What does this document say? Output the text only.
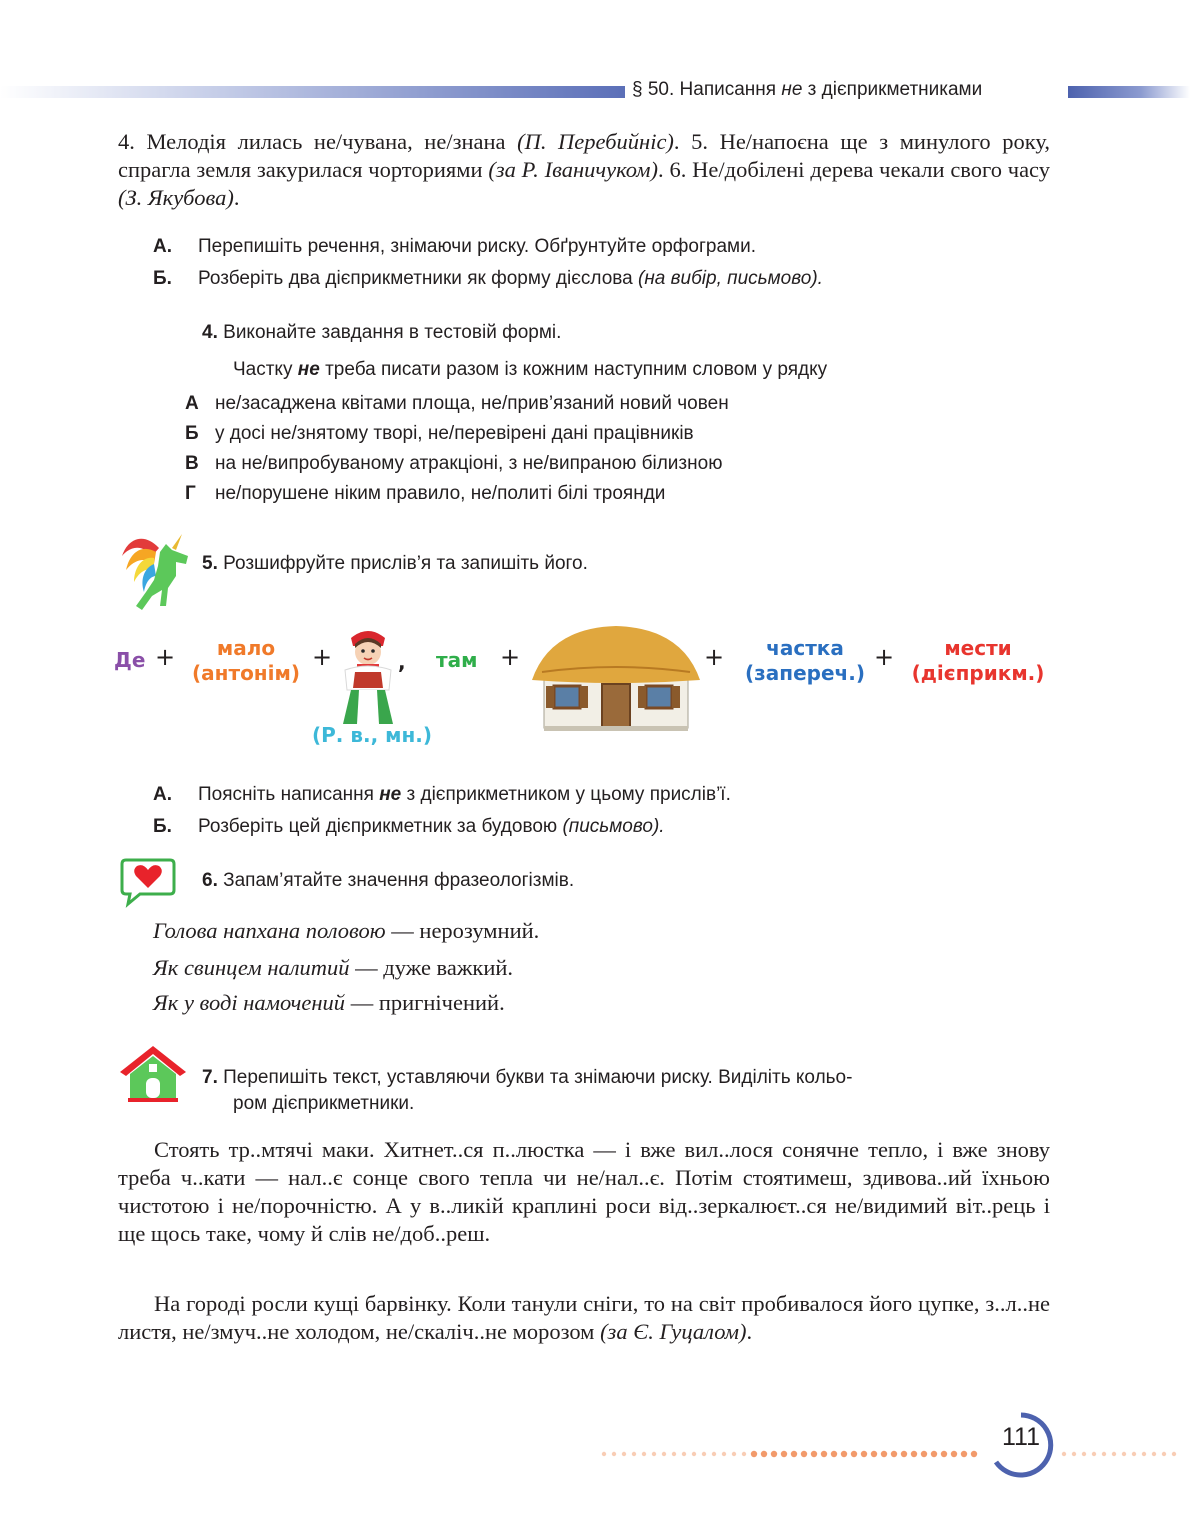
§ 50. Написання не з дієприкметниками
4. Мелодія лилась не/чувана, не/знана (П. Перебийніс). 5. Не/напоєна ще з минулого року, спрагла земля закурилася чорториями (за Р. Іваничуком). 6. Не/добілені дерева чекали свого часу (З. Якубова).
А. Перепишіть речення, знімаючи риску. Обґрунтуйте орфограми.
Б. Розберіть два дієприкметники як форму дієслова (на вибір, письмово).
4. Виконайте завдання в тестовій формі.
Частку не треба писати разом із кожним наступним словом у рядку
А не/засаджена квітами площа, не/прив’язаний новий човен
Б у досі не/знятому творі, не/перевірені дані працівників
В на не/випробуваному атракціоні, з не/випраною білизною
Г не/порушене ніким правило, не/политі білі троянди
5. Розшифруйте прислів’я та запишіть його.
Де +	мало
(антонім)
+
(Р. в., мн.)
, там +	+	частка
(запереч.)
+	мести
(дієприкм.)
А. Поясніть написання не з дієприкметником у цьому прислів’ї.
Б. Розберіть цей дієприкметник за будовою (письмово).
6. Запам’ятайте значення фразеологізмів.
Голова напхана половою — нерозумний.
Як свинцем налитий — дуже важкий.
Як у воді намочений — пригнічений.
7. Перепишіть текст, уставляючи букви та знімаючи риску. Виділіть кольо-
ром дієприкметники.
Стоять тр..мтячі маки. Хитнет..ся п..люстка — і вже вил..лося сонячне тепло, і вже знову треба ч..кати — нал..є сонце свого тепла чи не/нал..є. Потім стоятимеш, здивова..ий їхньою чистотою і не/порочністю. А у в..ликій краплині роси від..зеркалюєт..ся не/видимий віт..рець і ще щось таке, чому й слів не/доб..реш.
На городі росли кущі барвінку. Коли танули сніги, то на світ пробивалося його цупке, з..л..не листя, не/змуч..не холодом, не/скаліч..не морозом (за Є. Гуцалом).
111
